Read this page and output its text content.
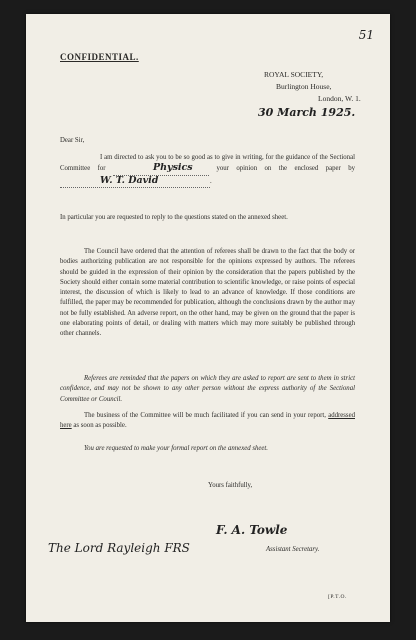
51
CONFIDENTIAL.
ROYAL SOCIETY,
Burlington House,
London, W. 1.
30 March 1925.
Dear Sir,
I am directed to ask you to be so good as to give in writing, for the guidance of the Sectional Committee for	Physics	your opinion on the enclosed paper by W. T. David	.
In particular you are requested to reply to the questions stated on the annexed sheet.
The Council have ordered that the attention of referees shall be drawn to the fact that the body or bodies authorizing publication are not responsible for the opinions expressed by authors. The referees should be guided in the expression of their opinion by the consideration that the papers published by the Society should either contain some material contribution to scientific knowledge, or raise points of especial interest, the discussion of which is likely to lead to an advance of knowledge. If those conditions are fulfilled, the paper may be recommended for publication, although the conclusions drawn by the author may not be fully established. An adverse report, on the other hand, may be given on the ground that the paper is one elaborating points of detail, or dealing with matters which may more suitably be published through other channels.
Referees are reminded that the papers on which they are asked to report are sent to them in strict confidence, and may not be shown to any other person without the express authority of the Sectional Committee or Council.
The business of the Committee will be much facilitated if you can send in your report, addressed here as soon as possible.
You are requested to make your formal report on the annexed sheet.
Yours faithfully,
F. A. Towle
Assistant Secretary.
The Lord Rayleigh FRS
[P.T.O.
